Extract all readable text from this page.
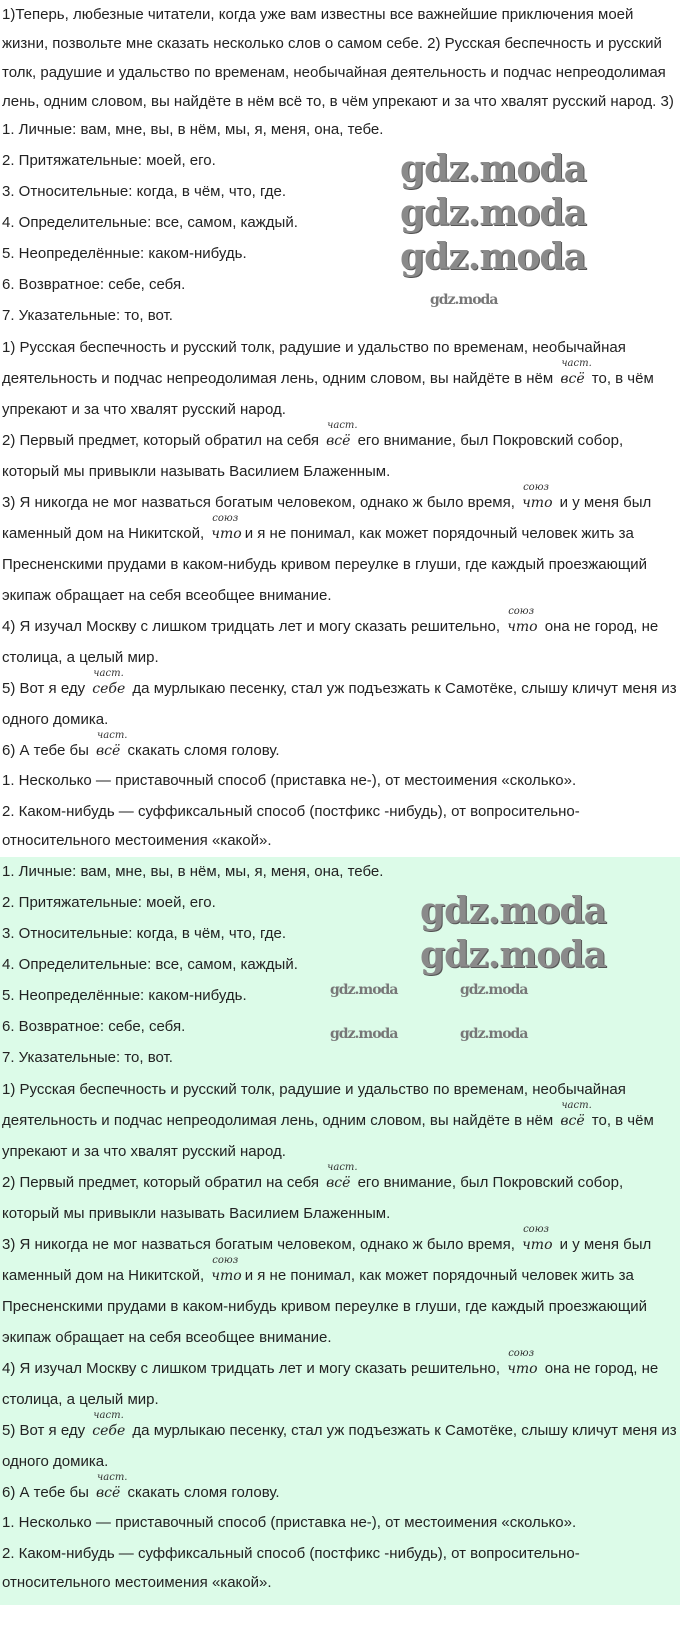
1)Теперь, любезные читатели, когда уже вам известны все важнейшие приключения моей жизни, позвольте мне сказать несколько слов о самом себе. 2) Русская беспечность и русский толк, радушие и удальство по временам, необычайная деятельность и подчас непреодолимая лень, одним словом, вы найдёте в нём всё то, в чём упрекают и за что хвалят русский народ. 3)
1. Личные: вам, мне, вы, в нём, мы, я, меня, она, тебе.
2. Притяжательные: моей, его.
3. Относительные: когда, в чём, что, где.
4. Определительные: все, самом, каждый.
5. Неопределённые: каком-нибудь.
6. Возвратное: себе, себя.
7. Указательные: то, вот.
1) Русская беспечность и русский толк, радушие и удальство по временам, необычайная деятельность и подчас непреодолимая лень, одним словом, вы найдёте в нём
част.
всё то, в чём упрекают и за что хвалят русский народ.
2) Первый предмет, который обратил на себя
част.
всё его внимание, был Покровский собор, который мы привыкли называть Василием Блаженным.
3) Я никогда не мог назваться богатым человеком, однако ж было время,
союз
что и у меня был каменный дом на Никитской,
союз
что и я не понимал, как может порядочный человек жить за Пресненскими прудами в каком-нибудь кривом переулке в глуши, где каждый проезжающий экипаж обращает на себя всеобщее внимание.
4) Я изучал Москву с лишком тридцать лет и могу сказать решительно,
союз
что она не город, не столица, а целый мир.
5) Вот я еду
част.
себе да мурлыкаю песенку, стал уж подъезжать к Самотёке, слышу кличут меня из одного домика.
6) А тебе бы
част.
всё скакать сломя голову.
1. Несколько — приставочный способ (приставка не-), от местоимения «сколько».
2. Каком-нибудь — суффиксальный способ (постфикс -нибудь), от вопросительно-относительного местоимения «какой».
gdz.moda
gdz.moda
gdz.moda
gdz.moda
1. Личные: вам, мне, вы, в нём, мы, я, меня, она, тебе.
2. Притяжательные: моей, его.
3. Относительные: когда, в чём, что, где.
4. Определительные: все, самом, каждый.
5. Неопределённые: каком-нибудь.
6. Возвратное: себе, себя.
7. Указательные: то, вот.
1) Русская беспечность и русский толк, радушие и удальство по временам, необычайная деятельность и подчас непреодолимая лень, одним словом, вы найдёте в нём
част.
всё то, в чём упрекают и за что хвалят русский народ.
2) Первый предмет, который обратил на себя
част.
всё его внимание, был Покровский собор, который мы привыкли называть Василием Блаженным.
3) Я никогда не мог назваться богатым человеком, однако ж было время,
союз
что и у меня был каменный дом на Никитской,
союз
что и я не понимал, как может порядочный человек жить за Пресненскими прудами в каком-нибудь кривом переулке в глуши, где каждый проезжающий экипаж обращает на себя всеобщее внимание.
4) Я изучал Москву с лишком тридцать лет и могу сказать решительно,
союз
что она не город, не столица, а целый мир.
5) Вот я еду
част.
себе да мурлыкаю песенку, стал уж подъезжать к Самотёке, слышу кличут меня из одного домика.
6) А тебе бы
част.
всё скакать сломя голову.
1. Несколько — приставочный способ (приставка не-), от местоимения «сколько».
2. Каком-нибудь — суффиксальный способ (постфикс -нибудь), от вопросительно-относительного местоимения «какой».
gdz.moda
gdz.moda
gdz.moda	gdz.moda
gdz.moda	gdz.moda
